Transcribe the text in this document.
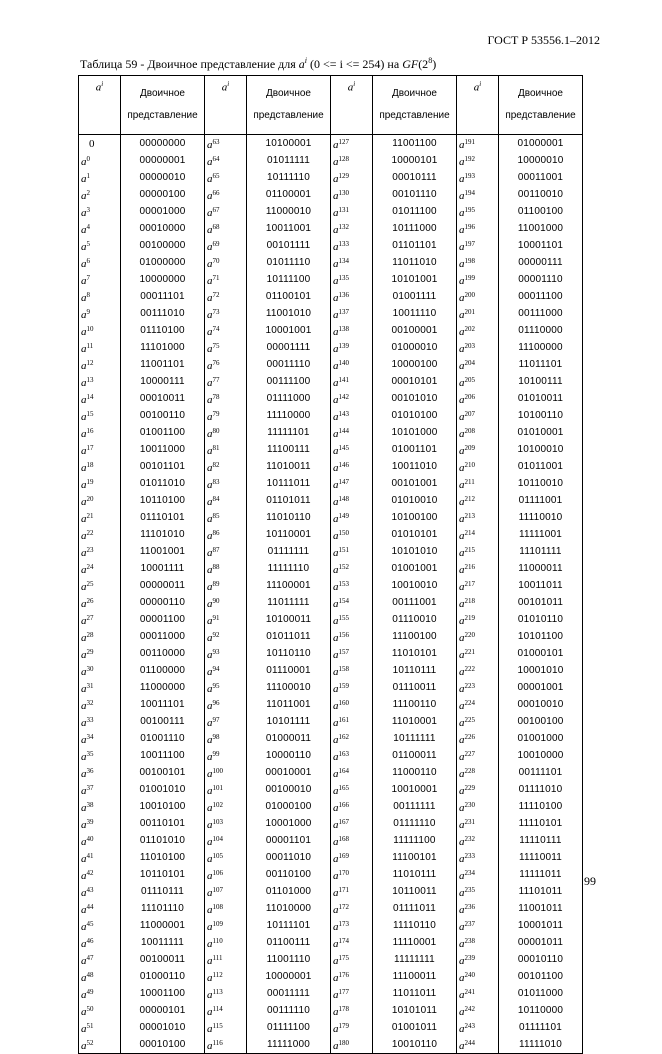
ГОСТ Р 53556.1–2012
Таблица 59 - Двоичное представление для $a^i$ (0 <= i <= 254) на $GF(2^8)$
$a^i$	Двоичное представление	$a^i$	Двоичное представление	$a^i$	Двоичное представление	$a^i$	Двоичное представление
0	00000000	$a^{63}$	10100001	$a^{127}$	11001100	$a^{191}$	01000001
$a^0$	00000001	$a^{64}$	01011111	$a^{128}$	10000101	$a^{192}$	10000010
$a^1$	00000010	$a^{65}$	10111110	$a^{129}$	00010111	$a^{193}$	00011001
$a^2$	00000100	$a^{66}$	01100001	$a^{130}$	00101110	$a^{194}$	00110010
$a^3$	00001000	$a^{67}$	11000010	$a^{131}$	01011100	$a^{195}$	01100100
$a^4$	00010000	$a^{68}$	10011001	$a^{132}$	10111000	$a^{196}$	11001000
$a^5$	00100000	$a^{69}$	00101111	$a^{133}$	01101101	$a^{197}$	10001101
$a^6$	01000000	$a^{70}$	01011110	$a^{134}$	11011010	$a^{198}$	00000111
$a^7$	10000000	$a^{71}$	10111100	$a^{135}$	10101001	$a^{199}$	00001110
$a^8$	00011101	$a^{72}$	01100101	$a^{136}$	01001111	$a^{200}$	00011100
$a^9$	00111010	$a^{73}$	11001010	$a^{137}$	10011110	$a^{201}$	00111000
$a^{10}$	01110100	$a^{74}$	10001001	$a^{138}$	00100001	$a^{202}$	01110000
$a^{11}$	11101000	$a^{75}$	00001111	$a^{139}$	01000010	$a^{203}$	11100000
$a^{12}$	11001101	$a^{76}$	00011110	$a^{140}$	10000100	$a^{204}$	11011101
$a^{13}$	10000111	$a^{77}$	00111100	$a^{141}$	00010101	$a^{205}$	10100111
$a^{14}$	00010011	$a^{78}$	01111000	$a^{142}$	00101010	$a^{206}$	01010011
$a^{15}$	00100110	$a^{79}$	11110000	$a^{143}$	01010100	$a^{207}$	10100110
$a^{16}$	01001100	$a^{80}$	11111101	$a^{144}$	10101000	$a^{208}$	01010001
$a^{17}$	10011000	$a^{81}$	11100111	$a^{145}$	01001101	$a^{209}$	10100010
$a^{18}$	00101101	$a^{82}$	11010011	$a^{146}$	10011010	$a^{210}$	01011001
$a^{19}$	01011010	$a^{83}$	10111011	$a^{147}$	00101001	$a^{211}$	10110010
$a^{20}$	10110100	$a^{84}$	01101011	$a^{148}$	01010010	$a^{212}$	01111001
$a^{21}$	01110101	$a^{85}$	11010110	$a^{149}$	10100100	$a^{213}$	11110010
$a^{22}$	11101010	$a^{86}$	10110001	$a^{150}$	01010101	$a^{214}$	11111001
$a^{23}$	11001001	$a^{87}$	01111111	$a^{151}$	10101010	$a^{215}$	11101111
$a^{24}$	10001111	$a^{88}$	11111110	$a^{152}$	01001001	$a^{216}$	11000011
$a^{25}$	00000011	$a^{89}$	11100001	$a^{153}$	10010010	$a^{217}$	10011011
$a^{26}$	00000110	$a^{90}$	11011111	$a^{154}$	00111001	$a^{218}$	00101011
$a^{27}$	00001100	$a^{91}$	10100011	$a^{155}$	01110010	$a^{219}$	01010110
$a^{28}$	00011000	$a^{92}$	01011011	$a^{156}$	11100100	$a^{220}$	10101100
$a^{29}$	00110000	$a^{93}$	10110110	$a^{157}$	11010101	$a^{221}$	01000101
$a^{30}$	01100000	$a^{94}$	01110001	$a^{158}$	10110111	$a^{222}$	10001010
$a^{31}$	11000000	$a^{95}$	11100010	$a^{159}$	01110011	$a^{223}$	00001001
$a^{32}$	10011101	$a^{96}$	11011001	$a^{160}$	11100110	$a^{224}$	00010010
$a^{33}$	00100111	$a^{97}$	10101111	$a^{161}$	11010001	$a^{225}$	00100100
$a^{34}$	01001110	$a^{98}$	01000011	$a^{162}$	10111111	$a^{226}$	01001000
$a^{35}$	10011100	$a^{99}$	10000110	$a^{163}$	01100011	$a^{227}$	10010000
$a^{36}$	00100101	$a^{100}$	00010001	$a^{164}$	11000110	$a^{228}$	00111101
$a^{37}$	01001010	$a^{101}$	00100010	$a^{165}$	10010001	$a^{229}$	01111010
$a^{38}$	10010100	$a^{102}$	01000100	$a^{166}$	00111111	$a^{230}$	11110100
$a^{39}$	00110101	$a^{103}$	10001000	$a^{167}$	01111110	$a^{231}$	11110101
$a^{40}$	01101010	$a^{104}$	00001101	$a^{168}$	11111100	$a^{232}$	11110111
$a^{41}$	11010100	$a^{105}$	00011010	$a^{169}$	11100101	$a^{233}$	11110011
$a^{42}$	10110101	$a^{106}$	00110100	$a^{170}$	11010111	$a^{234}$	11111011
$a^{43}$	01110111	$a^{107}$	01101000	$a^{171}$	10110011	$a^{235}$	11101011
$a^{44}$	11101110	$a^{108}$	11010000	$a^{172}$	01111011	$a^{236}$	11001011
$a^{45}$	11000001	$a^{109}$	10111101	$a^{173}$	11110110	$a^{237}$	10001011
$a^{46}$	10011111	$a^{110}$	01100111	$a^{174}$	11110001	$a^{238}$	00001011
$a^{47}$	00100011	$a^{111}$	11001110	$a^{175}$	11111111	$a^{239}$	00010110
$a^{48}$	01000110	$a^{112}$	10000001	$a^{176}$	11100011	$a^{240}$	00101100
$a^{49}$	10001100	$a^{113}$	00011111	$a^{177}$	11011011	$a^{241}$	01011000
$a^{50}$	00000101	$a^{114}$	00111110	$a^{178}$	10101011	$a^{242}$	10110000
$a^{51}$	00001010	$a^{115}$	01111100	$a^{179}$	01001011	$a^{243}$	01111101
$a^{52}$	00010100	$a^{116}$	11111000	$a^{180}$	10010110	$a^{244}$	11111010
99
